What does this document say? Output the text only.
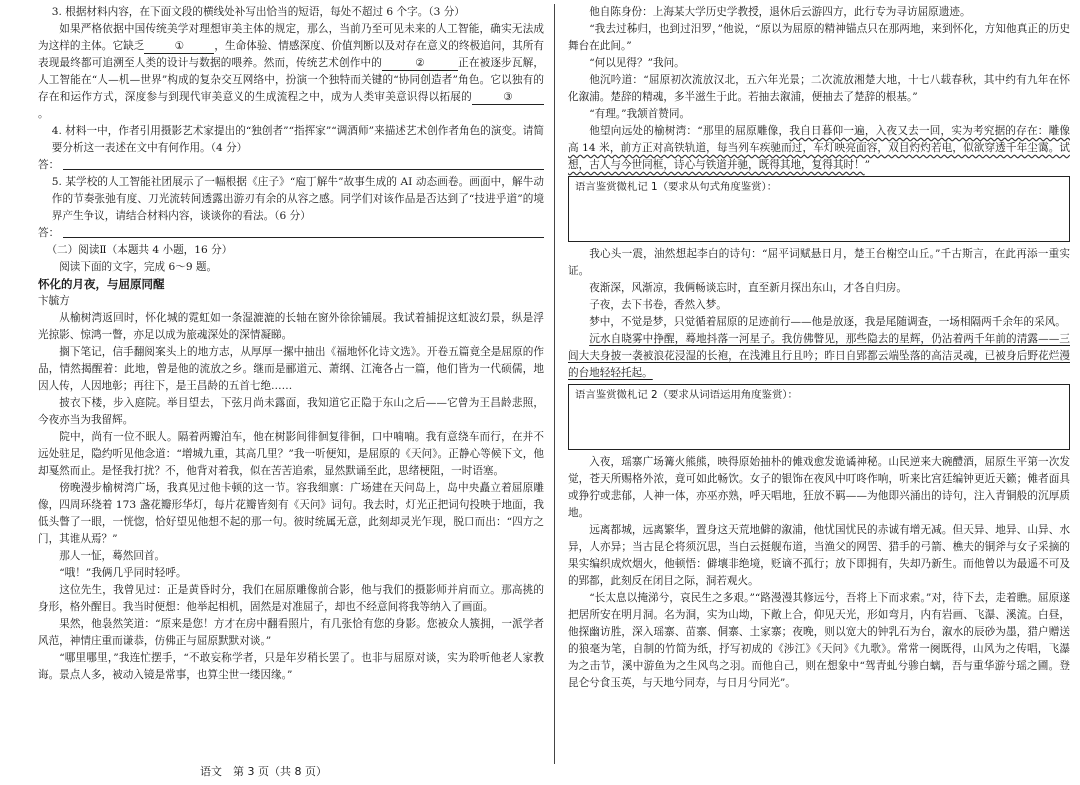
3. 根据材料内容，在下面文段的横线处补写出恰当的短语，每处不超过 6 个字。（3 分）

如果严格依据中国传统美学对理想审美主体的规定，那么，当前乃至可见未来的人工智能，确实无法成为这样的主体。它缺乏	①	，生命体验、情感深度、价值判断以及对存在意义的终极追问，其所有表现最终都可追溯至人类的设计与数据的喂养。然而，传统艺术创作中的	②	正在被逐步瓦解，人工智能在“人—机—世界”构成的复杂交互网络中，扮演一个独特而关键的“协同创造者”角色。它以独有的存在和运作方式，深度参与到现代审美意义的生成流程之中，成为人类审美意识得以拓展的	③。

4. 材料一中，作者引用摄影艺术家提出的“独创者”“指挥家”“调酒师”来描述艺术创作者角色的演变。请简要分析这一表述在文中有何作用。（4 分）

答：

5. 某学校的人工智能社团展示了一幅根据《庄子》“庖丁解牛”故事生成的 AI 动态画卷。画面中，解牛动作的节奏张弛有度、刀光流转间透露出游刃有余的从容之感。同学们对该作品是否达到了“技进乎道”的境界产生争议，请结合材料内容，谈谈你的看法。（6 分）

答：

（二）阅读Ⅱ（本题共 4 小题，16 分）

阅读下面的文字，完成 6～9 题。

怀化的月夜，与屈原同醒

卞毓方

从榆树湾返回时，怀化城的霓虹如一条湿漉漉的长轴在窗外徐徐铺展。我试着捕捉这虹波幻景，纵是浮光掠影、惊鸿一瞥，亦足以成为旅魂深处的深情凝睇。

搁下笔记，信手翻阅案头上的地方志，从厚厚一摞中抽出《福地怀化诗文选》。开卷五篇竟全是屈原的作品，情然揭醒着：此地，曾是他的流放之乡。继而是郦道元、萧纲、江淹各占一篇，他们皆为一代硕儒，地因人传，人因地彰；再往下，是王昌龄的五首七绝……

披衣下楼，步入庭院。举目望去，下弦月尚未露面，我知道它正隐于东山之后——它曾为王昌龄悲照，今夜亦当为我留辉。

院中，尚有一位不眠人。隔着两瓣泊车，他在树影间徘徊复徘徊，口中喃喃。我有意绕车而行，在并不远处驻足，隐约听见他念道：“增城九重，其高几里？”我一听便知，是屈原的《天问》。正静心等候下文，他却戛然而止。是怪我打扰？不，他背对着我，似在苦苦追索，显然默诵至此，思绪梗阻，一时语塞。

傍晚漫步榆树湾广场，我真见过他卡顿的这一节。容我细禀：广场建在天问岛上，岛中央矗立着屈原雕像，四周环绕着 173 盏花瓣形华灯，每片花瓣皆刻有《天问》词句。我去时，灯光正把词句投映于地面，我低头瞥了一眼，一恍惚，恰好望见他想不起的那一句。彼时统属无意，此刻却灵光乍现，脱口而出：“四方之门，其谁从焉？”

那人一怔，蓦然回首。

“哦！”我俩几乎同时轻呼。

这位先生，我曾见过：正是黄昏时分，我们在屈原雕像前合影，他与我们的摄影师并肩而立。那高挑的身形，格外醒目。我当时便想：他举起相机，固然是对准屈子，却也不经意间将我等纳入了画面。

果然，他袅然笑道：“原来是您！方才在房中翻看照片，有几张恰有您的身影。您被众人簇拥，一派学者风范，神情庄重而谦恭，仿佛正与屈原默默对谈。”

“哪里哪里，”我连忙摆手，“不敢妄称学者，只是年岁稍长罢了。也非与屈原对谈，实为聆听他老人家教诲。景点人多，被动入镜是常事，也算尘世一缕因缘。”

他自陈身份：上海某大学历史学教授，退休后云游四方，此行专为寻访屈原遗迹。

“我去过秭归，也到过汨罗，”他说，“原以为屈原的精神锚点只在那两地，来到怀化，方知他真正的历史舞台在此间。”

“何以见得？”我问。

他沉吟道：“屈原初次流放汉北，五六年光景；二次流放湘楚大地，十七八载春秋，其中约有九年在怀化溆浦。楚辞的精魂，多半滋生于此。若抽去溆浦，便抽去了楚辞的根基。”

“有理。”我颔首赞同。

他望向远处的榆树湾：“那里的屈原雕像，我自日暮仰一遍，入夜又去一回，实为考究据的存在：雕像高 14 米，前方正对高铁轨道，每当列车疾驰而过，车灯映亮面容，双目灼灼若电，似欲穿透千年尘霭。试想，古人与今世同框，诗心与铁道并驰，既得其地，复得其时！”

语言鉴赏微札记 1（要求从句式角度鉴赏）：

我心头一震，油然想起李白的诗句：“屈平词赋悬日月，楚王台榭空山丘。”千古斯言，在此再添一重实证。

夜渐深，风渐凉，我俩畅谈忘时，直至新月探出东山，才各自归房。

子夜，去下书卷，香然入梦。

梦中，不觉是梦，只觉循着屈原的足迹前行——他是放逐，我是尾随调查，一场相隔两千余年的采风。

沅水自晓雾中挣醒，蓦地抖落一河星子。我仿佛瞥见，那些隐去的星辉，仍沾着两千年前的清露——三闾大夫身披一袭被浪花浸湿的长袍，在浅滩且行且吟；昨日自郢都云端坠落的高洁灵魂，已被身后野花烂漫的台地轻轻托起。

语言鉴赏微札记 2（要求从词语运用角度鉴赏）：

入夜，瑶寨广场篝火熊熊，映得原始抽朴的傩戏愈发诡谲神秘。山民逆来大碗醴酒，屈原生平第一次发觉，苍天所赐格外浓，竟可如此畅饮。女子的银饰在夜风中叮咚作响，听来比宫廷编钟更近天籁；傩者面具或狰狞或悲郁，人神一体，亦巫亦熟，呼天唱地，狂放不羁——为他即兴涌出的诗句，注入青铜般的沉厚质地。

远离都城，远离繁华，置身这天荒地僻的溆浦，他忧国忧民的赤诚有增无减。但天异、地异、山异、水异，人亦异；当古昆仑将须沉思，当白云挺舰布道，当渔父的网罟、猎手的弓箭、樵夫的铜斧与女子采摘的果实编织成炊烟火，他顿悟：僻壤非绝境，贬谪不孤行；放下即拥有，失却乃新生。而他曾以为最遥不可及的郢都，此刻反在闭目之际，洞若观火。

“长太息以掩涕兮，哀民生之多艰。”“路漫漫其修远兮，吾将上下而求索。”对，待下去，走着瞧。屈原遂把居所安在明月洞。名为洞，实为山坳，下敞上合，仰见天光，形如弯月，内有岩画、飞瀑、溪流。白昼，他探幽访胜，深入瑶寨、苗寨、侗寨、土家寨；夜晚，则以宽大的钟乳石为台，溆水的辰砂为墨，猎户赠送的狼毫为笔，自制的竹简为纸，抒写初成的《涉江》《天问》《九歌》。常常一阕既得，山风为之传唱，飞瀑为之击节，溪中游鱼为之生风鸟之羽。而他自己，则在想象中“驾青虬兮骖白螭，吾与重华游兮瑶之圃。登昆仑兮食玉英，与天地兮同寿，与日月兮同光”。

语文　第 3 页（共 8 页）
